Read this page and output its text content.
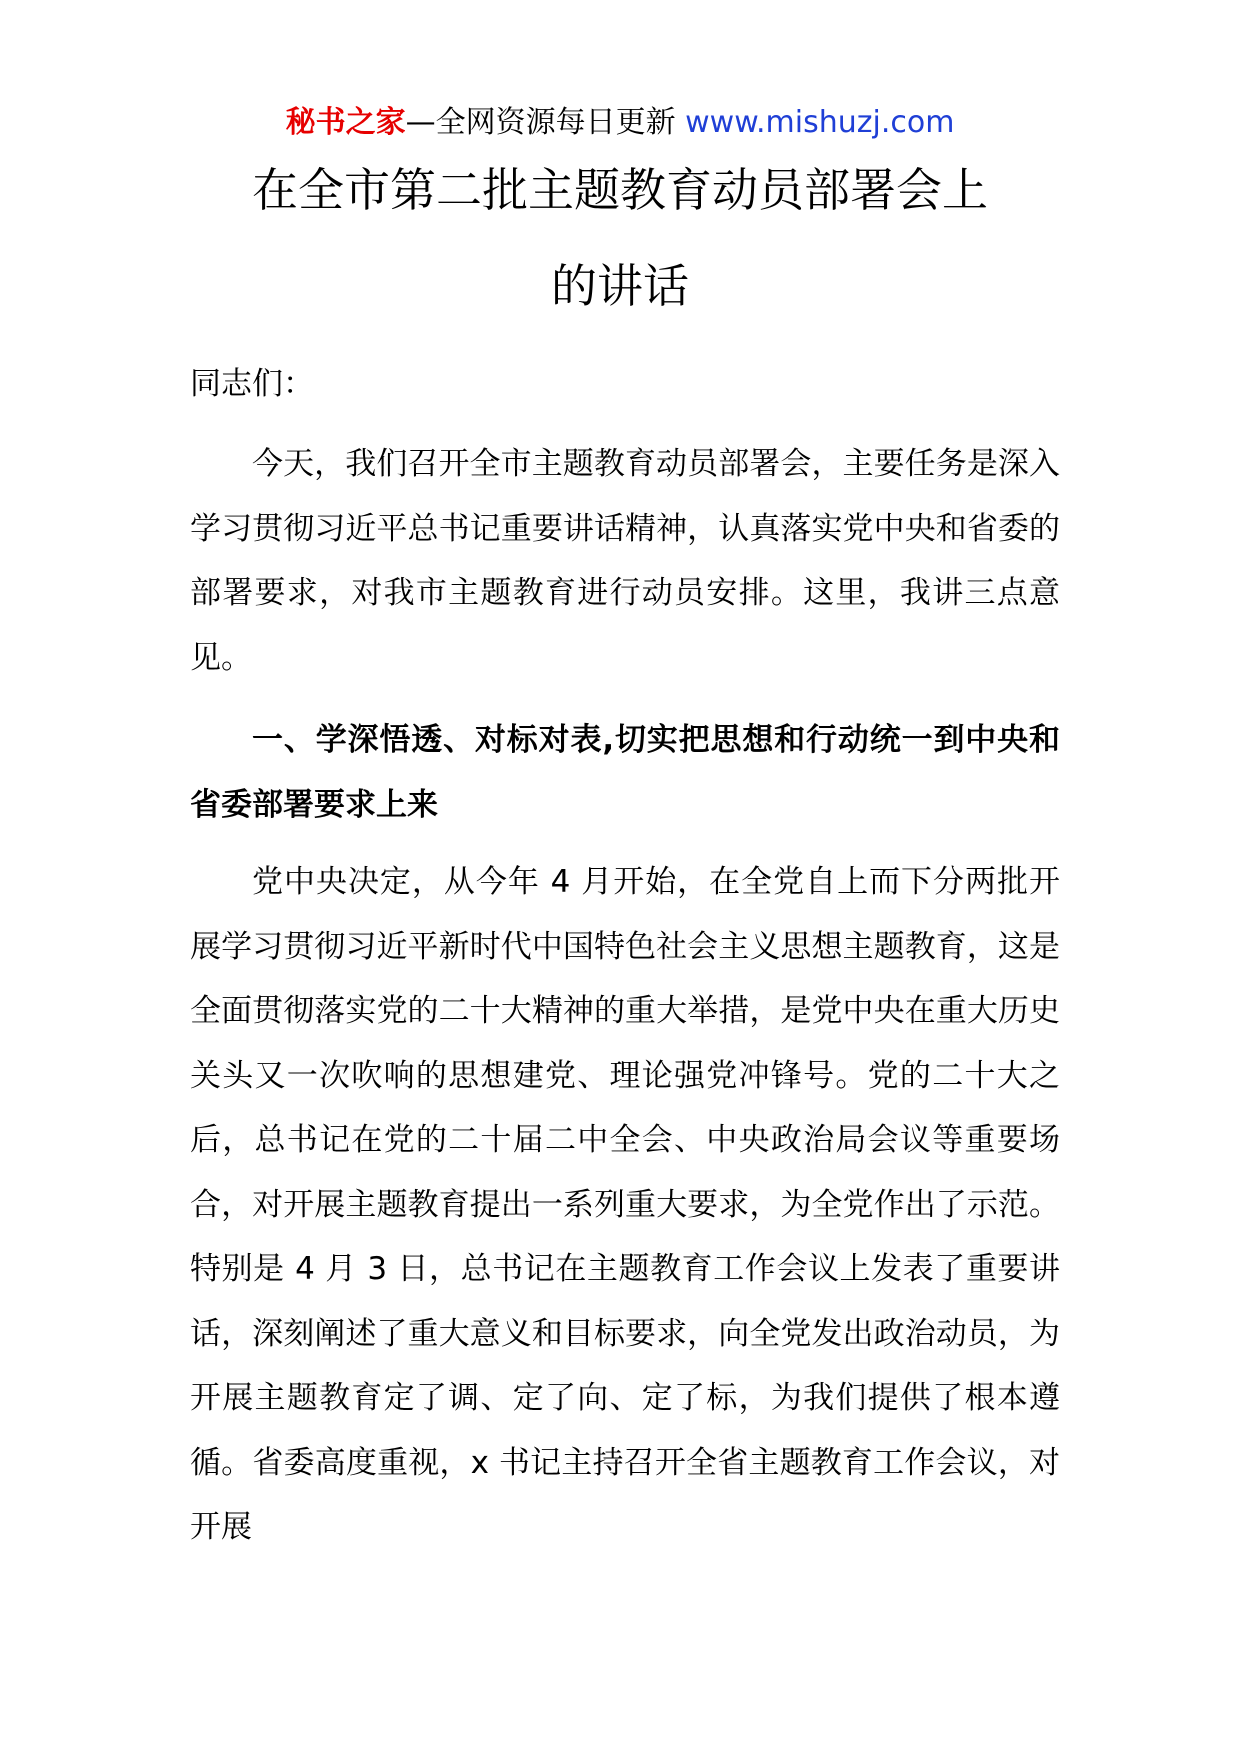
秘书之家—全网资源每日更新 www.mishuzj.com
在全市第二批主题教育动员部署会上
的讲话

同志们：

今天，我们召开全市主题教育动员部署会，主要任务是深入学习贯彻习近平总书记重要讲话精神，认真落实党中央和省委的部署要求，对我市主题教育进行动员安排。这里，我讲三点意见。

一、学深悟透、对标对表,切实把思想和行动统一到中央和省委部署要求上来

党中央决定，从今年 4 月开始，在全党自上而下分两批开展学习贯彻习近平新时代中国特色社会主义思想主题教育，这是全面贯彻落实党的二十大精神的重大举措，是党中央在重大历史关头又一次吹响的思想建党、理论强党冲锋号。党的二十大之后，总书记在党的二十届二中全会、中央政治局会议等重要场合，对开展主题教育提出一系列重大要求，为全党作出了示范。特别是 4 月 3 日，总书记在主题教育工作会议上发表了重要讲话，深刻阐述了重大意义和目标要求，向全党发出政治动员，为开展主题教育定了调、定了向、定了标，为我们提供了根本遵循。省委高度重视，x 书记主持召开全省主题教育工作会议，对开展
